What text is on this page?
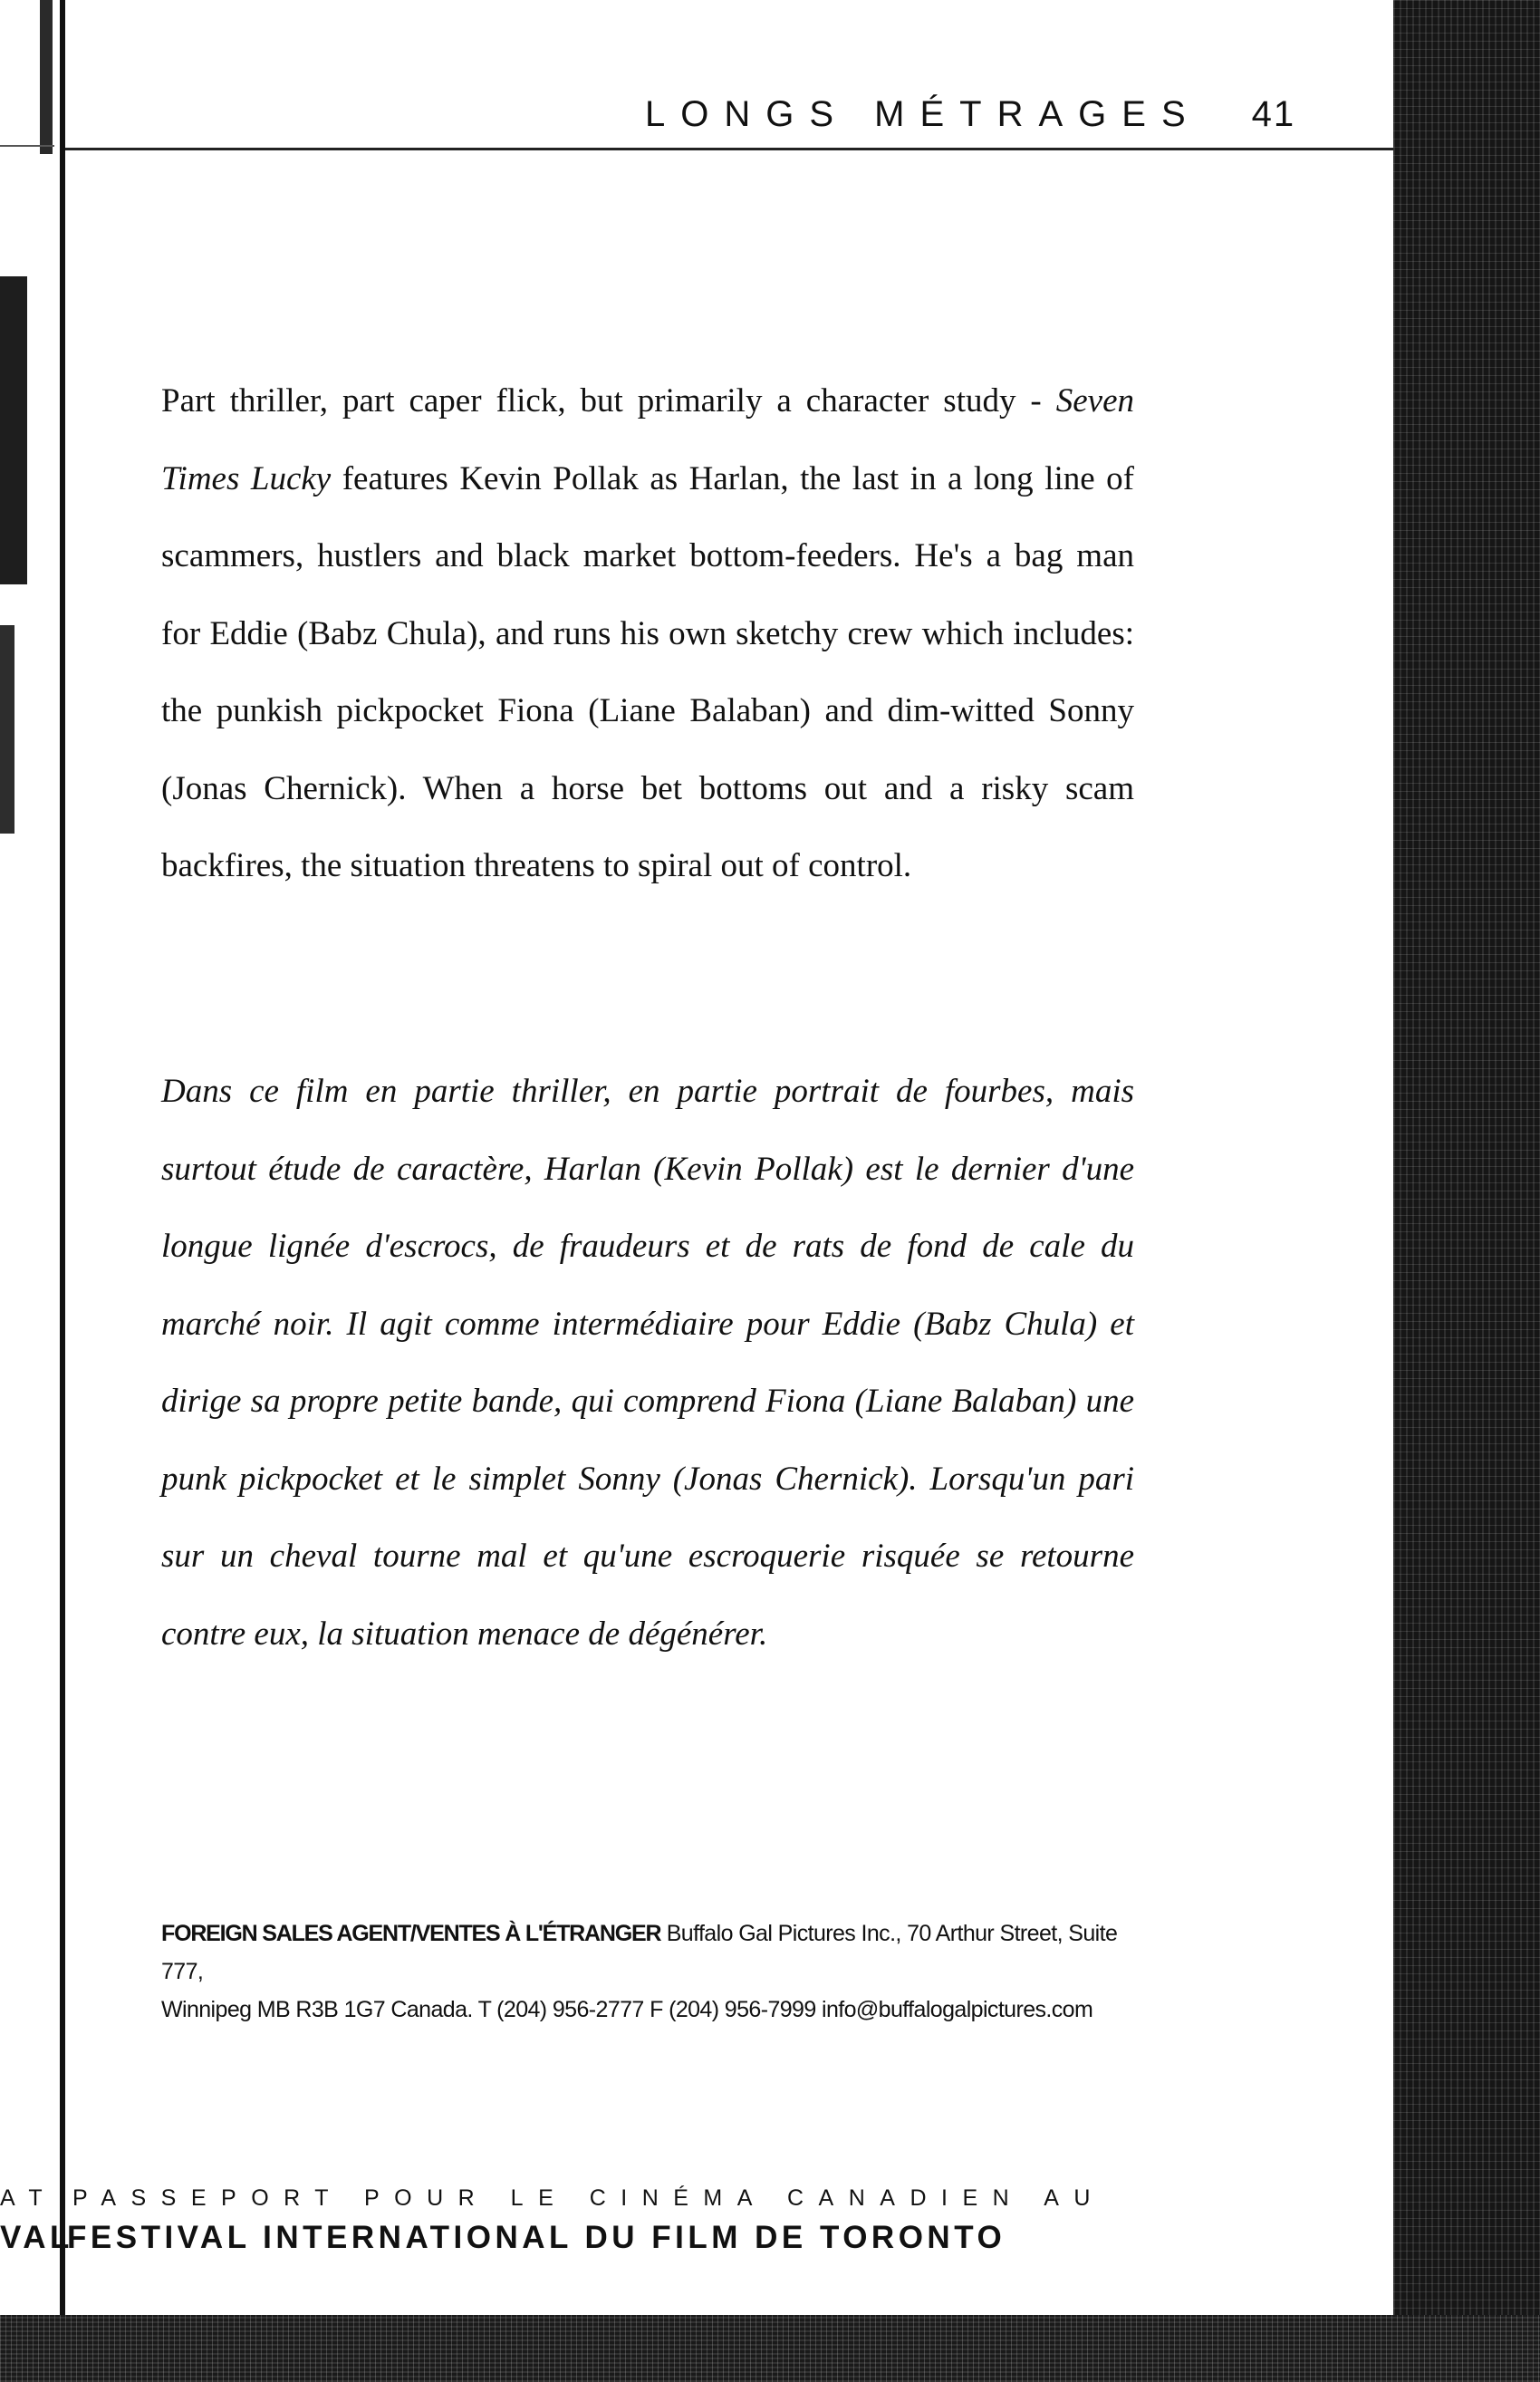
LONGS MÉTRAGES 41
Part thriller, part caper flick, but primarily a character study - Seven Times Lucky features Kevin Pollak as Harlan, the last in a long line of scammers, hustlers and black market bottom-feeders. He's a bag man for Eddie (Babz Chula), and runs his own sketchy crew which includes: the punkish pickpocket Fiona (Liane Balaban) and dim-witted Sonny (Jonas Chernick). When a horse bet bottoms out and a risky scam backfires, the situation threatens to spiral out of control.
Dans ce film en partie thriller, en partie portrait de fourbes, mais surtout étude de caractère, Harlan (Kevin Pollak) est le dernier d'une longue lignée d'escrocs, de fraudeurs et de rats de fond de cale du marché noir. Il agit comme intermédiaire pour Eddie (Babz Chula) et dirige sa propre petite bande, qui comprend Fiona (Liane Balaban) une punk pickpocket et le simplet Sonny (Jonas Chernick). Lorsqu'un pari sur un cheval tourne mal et qu'une escroquerie risquée se retourne contre eux, la situation menace de dégénérer.
FOREIGN SALES AGENT/VENTES À L'ÉTRANGER Buffalo Gal Pictures Inc., 70 Arthur Street, Suite 777,
Winnipeg MB R3B 1G7 Canada. T (204) 956-2777 F (204) 956-7999 info@buffalogalpictures.com
AT PASSEPORT POUR LE CINÉMA CANADIEN AU
VALFESTIVAL INTERNATIONAL DU FILM DE TORONTO
